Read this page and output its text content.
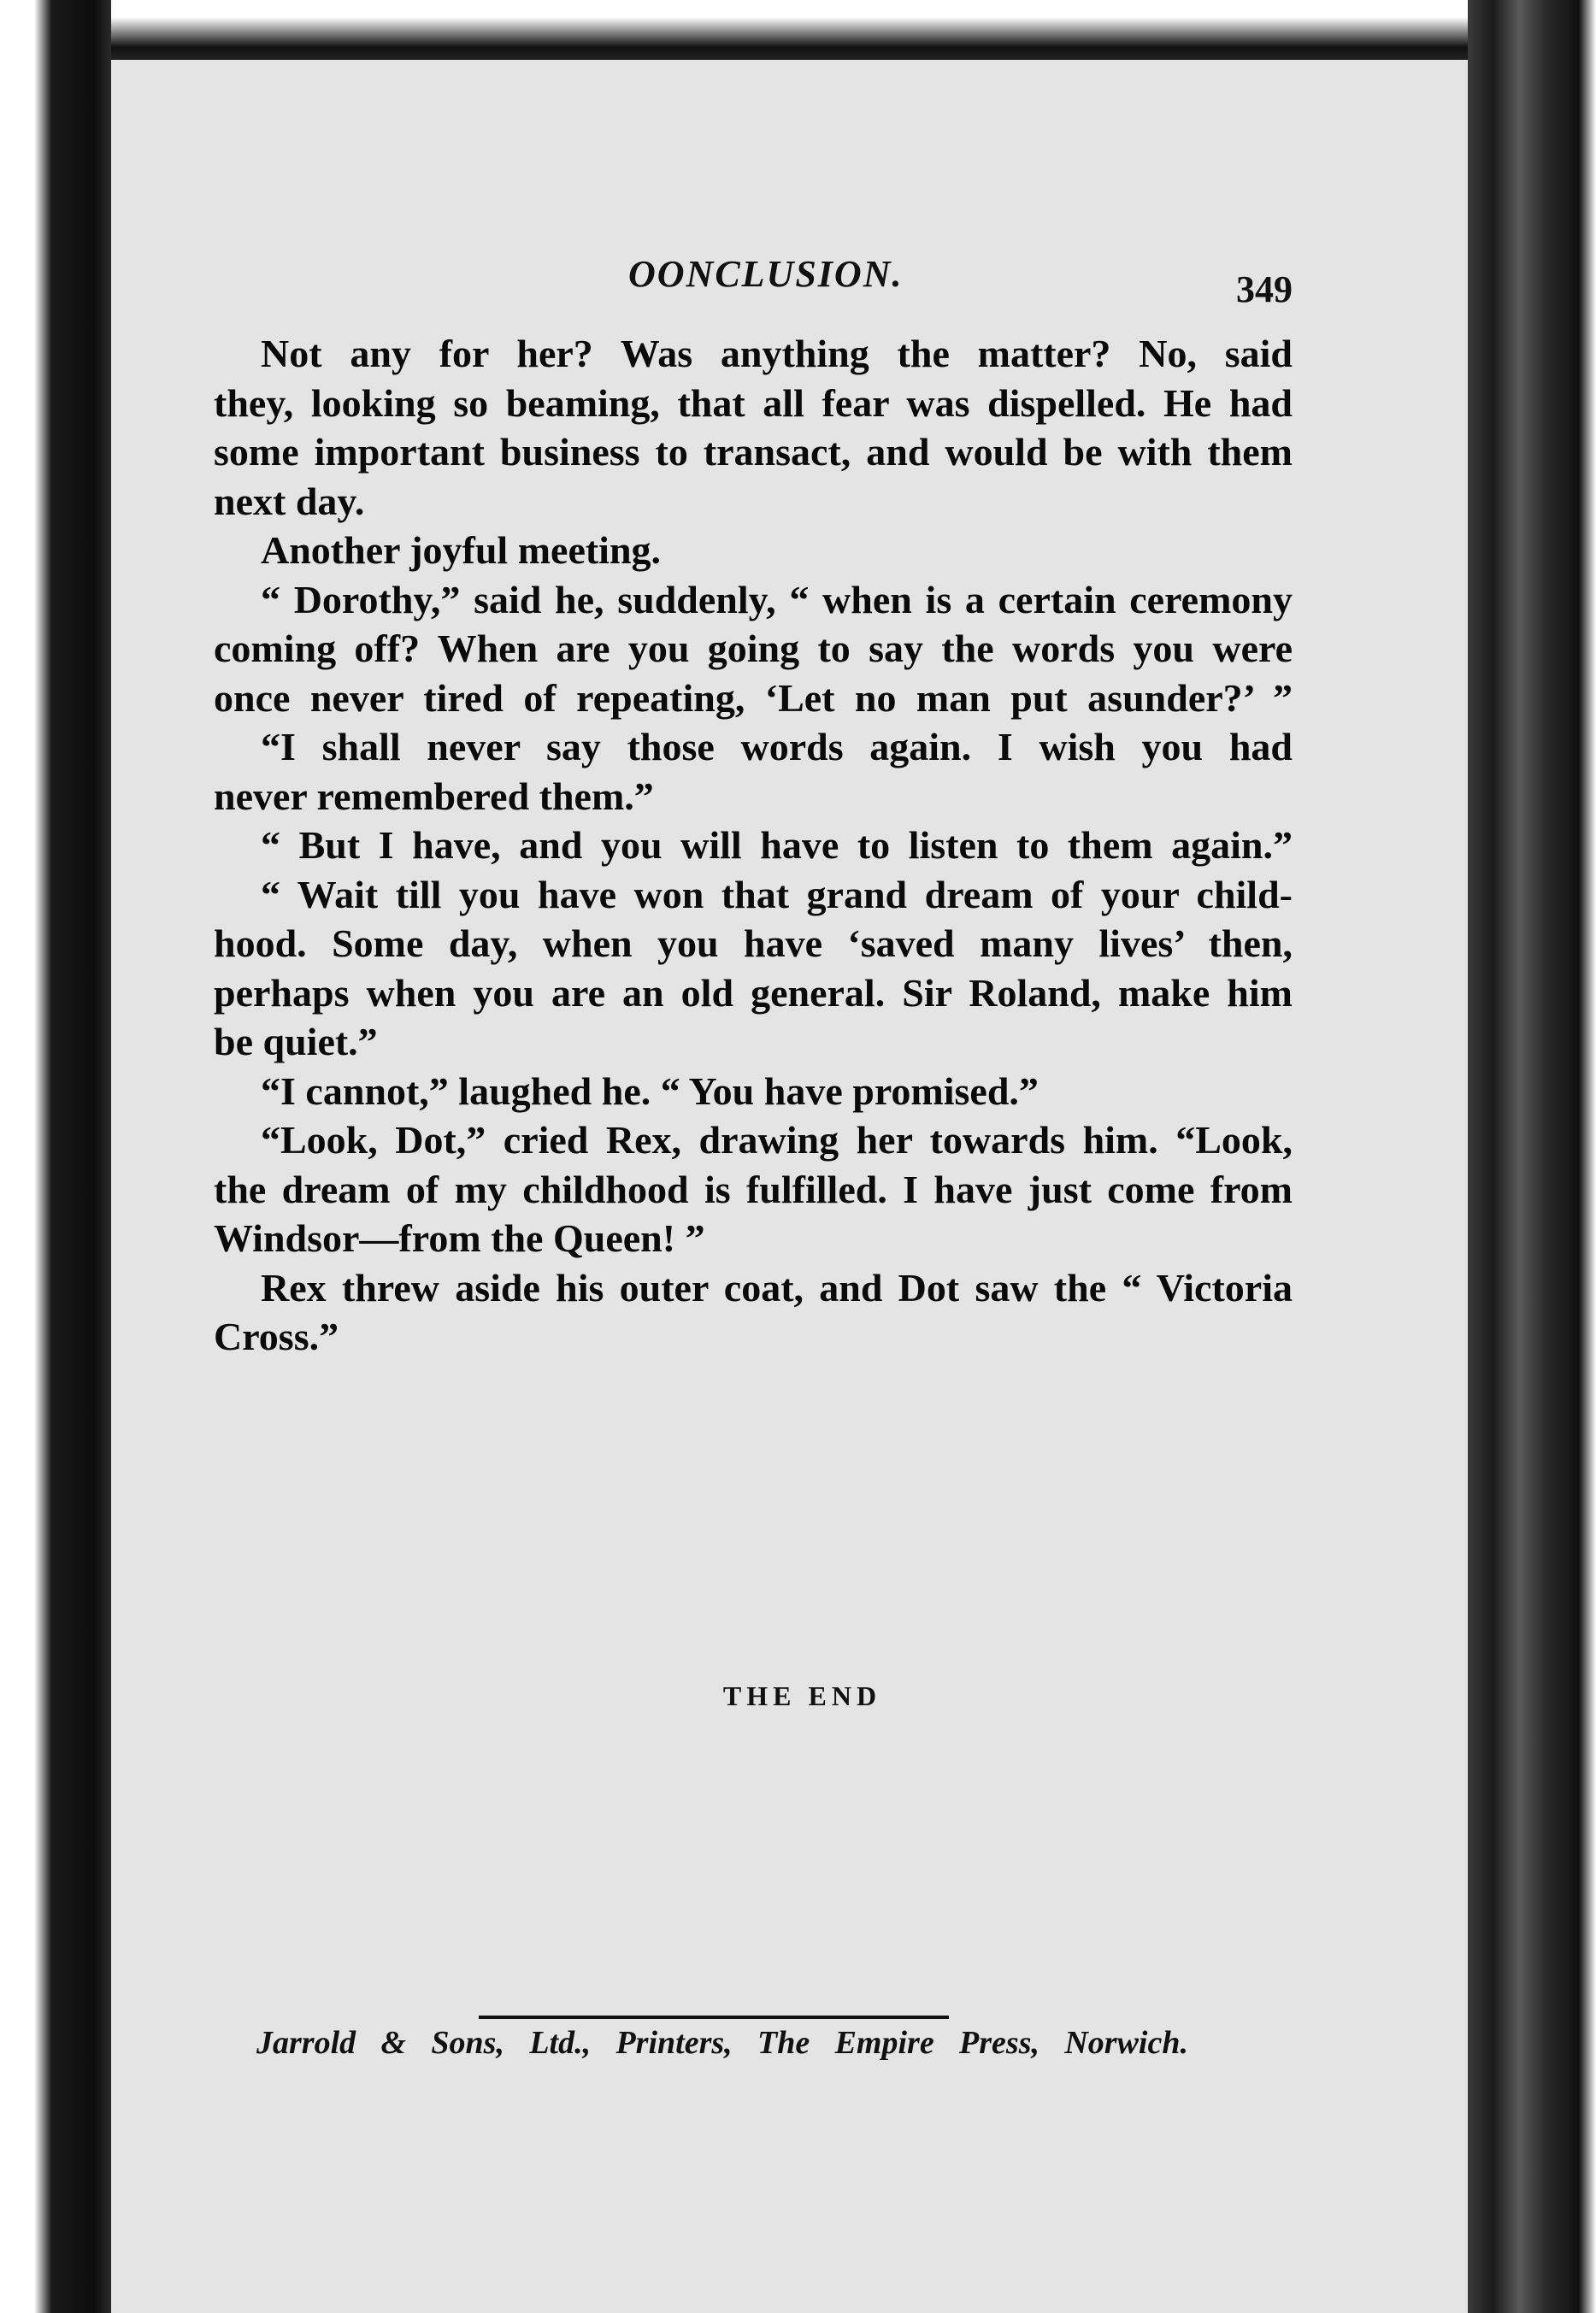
OONCLUSION.	349
Not any for her? Was anything the matter? No, said
they, looking so beaming, that all fear was dispelled. He had
some important business to transact, and would be with them
next day.
Another joyful meeting.
“ Dorothy,” said he, suddenly, “ when is a certain ceremony
coming off? When are you going to say the words you were
once never tired of repeating, ‘Let no man put asunder?’ ”
“I shall never say those words again. I wish you had
never remembered them.”
“ But I have, and you will have to listen to them again.”
“ Wait till you have won that grand dream of your child-
hood. Some day, when you have ‘saved many lives’ then,
perhaps when you are an old general. Sir Roland, make him
be quiet.”
“I cannot,” laughed he. “ You have promised.”
“Look, Dot,” cried Rex, drawing her towards him. “Look,
the dream of my childhood is fulfilled. I have just come from
Windsor—from the Queen! ”
Rex threw aside his outer coat, and Dot saw the “ Victoria
Cross.”
THE END
Jarrold & Sons, Ltd., Printers, The Empire Press, Norwich.
